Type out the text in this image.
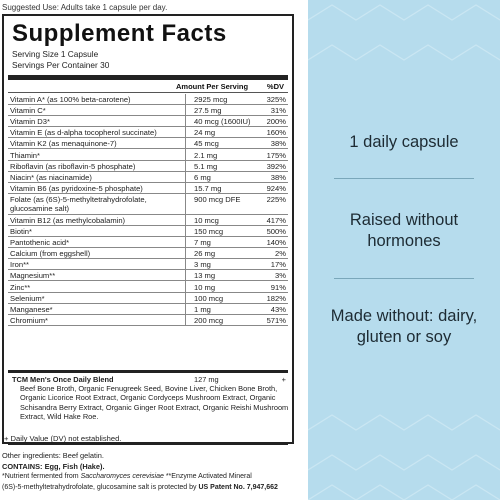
Suggested Use: Adults take 1 capsule per day.
Supplement Facts
Serving Size 1 Capsule
Servings Per Container 30
Amount Per Serving	%DV
Vitamin A* (as 100% beta-carotene)	2925 mcg	325%
Vitamin C*	27.5 mg	31%
Vitamin D3*	40 mcg (1600IU) 200%
Vitamin E (as d-alpha tocopherol succinate)	24 mg	160%
Vitamin K2 (as menaquinone-7)	45 mcg	38%
Thiamin*	2.1 mg	175%
Riboflavin (as riboflavin-5 phosphate)	5.1 mg	392%
Niacin* (as niacinamide)	6 mg	38%
Vitamin B6 (as pyridoxine-5 phosphate)	15.7 mg	924%
Folate (as (6S)-5-methyltetrahydrofolate, glucosamine salt)
900 mcg DFE	225%
Vitamin B12 (as methylcobalamin)	10 mcg	417%
Biotin*	150 mcg	500%
Pantothenic acid*	7 mg	140%
Calcium (from eggshell)	26 mg	2%
Iron**	3 mg	17%
Magnesium**	13 mg	3%
Zinc**	10 mg	91%
Selenium*	100 mcg	182%
Manganese*	1 mg	43%
Chromium*	200 mcg	571%
TCM Men's Once Daily Blend	127 mg	+
Beef Bone Broth, Organic Fenugreek Seed, Bovine Liver, Chicken Bone Broth, Organic Licorice Root Extract, Organic Cordyceps Mushroom Extract, Organic Schisandra Berry Extract, Organic Ginger Root Extract, Organic Reishi Mushroom Extract, Wild Hake Roe.
+ Daily Value (DV) not established.
Other ingredients: Beef gelatin.
CONTAINS: Egg, Fish (Hake).
*Nutrient fermented from Saccharomyces cerevisiae **Enzyme Activated Mineral
(6S)-5-methyltetrahydrofolate, glucosamine salt is protected by US Patent No. 7,947,662
1 daily capsule
Raised without hormones
Made without: dairy, gluten or soy
